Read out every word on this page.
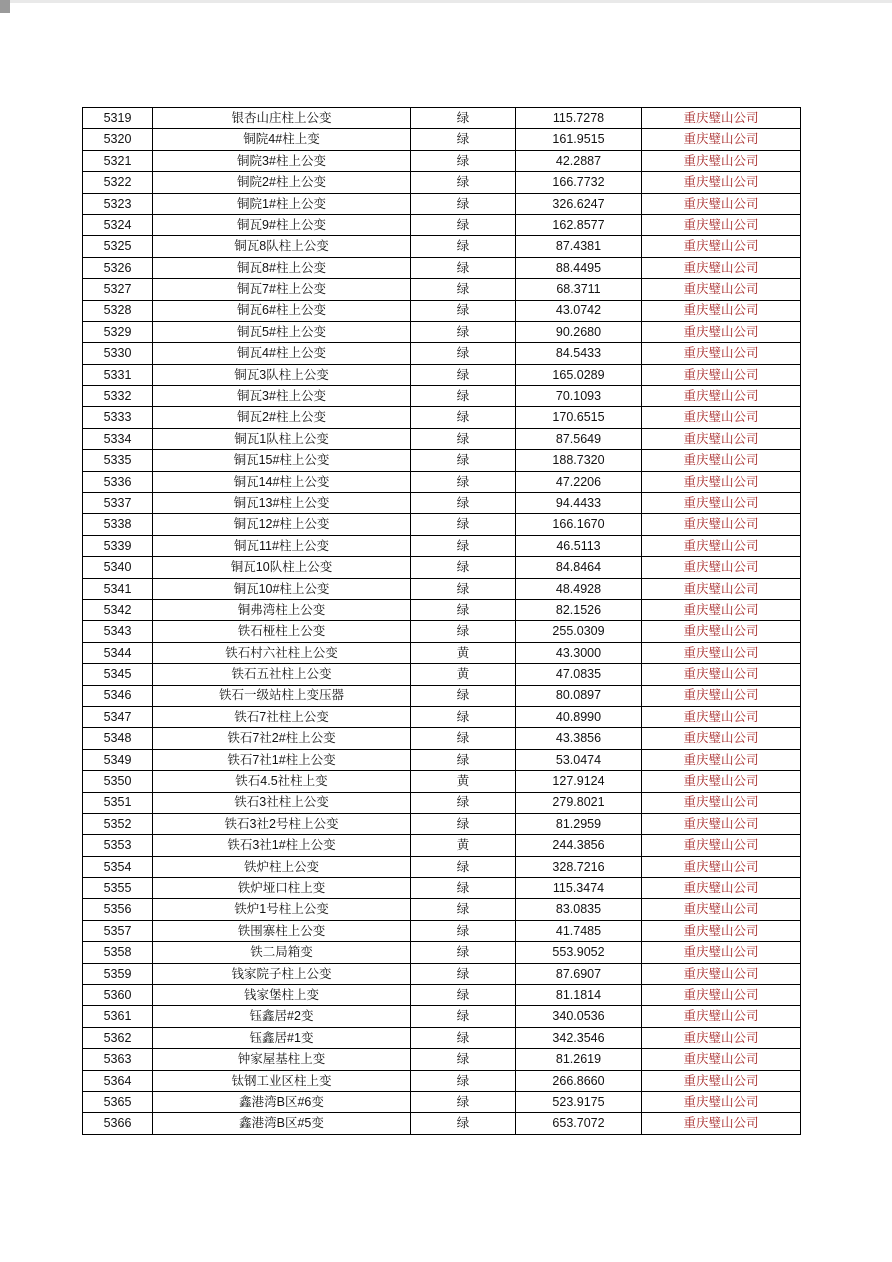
5319	银杏山庄柱上公变	绿	115.7278	重庆璧山公司
5320	铜院4#柱上变	绿	161.9515	重庆璧山公司
5321	铜院3#柱上公变	绿	42.2887	重庆璧山公司
5322	铜院2#柱上公变	绿	166.7732	重庆璧山公司
5323	铜院1#柱上公变	绿	326.6247	重庆璧山公司
5324	铜瓦9#柱上公变	绿	162.8577	重庆璧山公司
5325	铜瓦8队柱上公变	绿	87.4381	重庆璧山公司
5326	铜瓦8#柱上公变	绿	88.4495	重庆璧山公司
5327	铜瓦7#柱上公变	绿	68.3711	重庆璧山公司
5328	铜瓦6#柱上公变	绿	43.0742	重庆璧山公司
5329	铜瓦5#柱上公变	绿	90.2680	重庆璧山公司
5330	铜瓦4#柱上公变	绿	84.5433	重庆璧山公司
5331	铜瓦3队柱上公变	绿	165.0289	重庆璧山公司
5332	铜瓦3#柱上公变	绿	70.1093	重庆璧山公司
5333	铜瓦2#柱上公变	绿	170.6515	重庆璧山公司
5334	铜瓦1队柱上公变	绿	87.5649	重庆璧山公司
5335	铜瓦15#柱上公变	绿	188.7320	重庆璧山公司
5336	铜瓦14#柱上公变	绿	47.2206	重庆璧山公司
5337	铜瓦13#柱上公变	绿	94.4433	重庆璧山公司
5338	铜瓦12#柱上公变	绿	166.1670	重庆璧山公司
5339	铜瓦11#柱上公变	绿	46.5113	重庆璧山公司
5340	铜瓦10队柱上公变	绿	84.8464	重庆璧山公司
5341	铜瓦10#柱上公变	绿	48.4928	重庆璧山公司
5342	铜弗湾柱上公变	绿	82.1526	重庆璧山公司
5343	铁石桠柱上公变	绿	255.0309	重庆璧山公司
5344	铁石村六社柱上公变	黄	43.3000	重庆璧山公司
5345	铁石五社柱上公变	黄	47.0835	重庆璧山公司
5346	铁石一级站柱上变压器	绿	80.0897	重庆璧山公司
5347	铁石7社柱上公变	绿	40.8990	重庆璧山公司
5348	铁石7社2#柱上公变	绿	43.3856	重庆璧山公司
5349	铁石7社1#柱上公变	绿	53.0474	重庆璧山公司
5350	铁石4.5社柱上变	黄	127.9124	重庆璧山公司
5351	铁石3社柱上公变	绿	279.8021	重庆璧山公司
5352	铁石3社2号柱上公变	绿	81.2959	重庆璧山公司
5353	铁石3社1#柱上公变	黄	244.3856	重庆璧山公司
5354	铁炉柱上公变	绿	328.7216	重庆璧山公司
5355	铁炉垭口柱上变	绿	115.3474	重庆璧山公司
5356	铁炉1号柱上公变	绿	83.0835	重庆璧山公司
5357	铁围寨柱上公变	绿	41.7485	重庆璧山公司
5358	铁二局箱变	绿	553.9052	重庆璧山公司
5359	钱家院子柱上公变	绿	87.6907	重庆璧山公司
5360	钱家堡柱上变	绿	81.1814	重庆璧山公司
5361	钰鑫居#2变	绿	340.0536	重庆璧山公司
5362	钰鑫居#1变	绿	342.3546	重庆璧山公司
5363	钟家屋基柱上变	绿	81.2619	重庆璧山公司
5364	钛钢工业区柱上变	绿	266.8660	重庆璧山公司
5365	鑫港湾B区#6变	绿	523.9175	重庆璧山公司
5366	鑫港湾B区#5变	绿	653.7072	重庆璧山公司
